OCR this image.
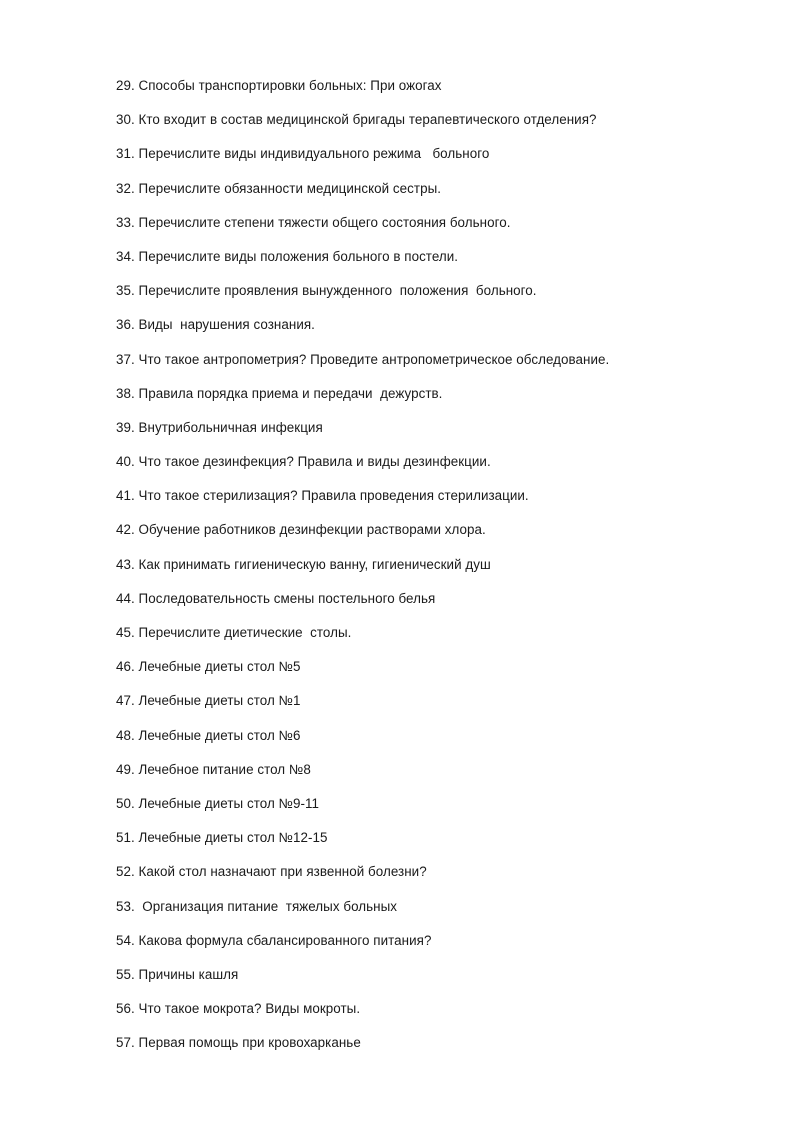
29. Способы транспортировки больных: При ожогах
30. Кто входит в состав медицинской бригады терапевтического отделения?
31. Перечислите виды индивидуального режима   больного
32. Перечислите обязанности медицинской сестры.
33. Перечислите степени тяжести общего состояния больного.
34. Перечислите виды положения больного в постели.
35. Перечислите проявления вынужденного  положения  больного.
36. Виды  нарушения сознания.
37. Что такое антропометрия? Проведите антропометрическое обследование.
38. Правила порядка приема и передачи  дежурств.
39. Внутрибольничная инфекция
40. Что такое дезинфекция? Правила и виды дезинфекции.
41. Что такое стерилизация? Правила проведения стерилизации.
42. Обучение работников дезинфекции растворами хлора.
43. Как принимать гигиеническую ванну, гигиенический душ
44. Последовательность смены постельного белья
45. Перечислите диетические  столы.
46. Лечебные диеты стол №5
47. Лечебные диеты стол №1
48. Лечебные диеты стол №6
49. Лечебное питание стол №8
50. Лечебные диеты стол №9-11
51. Лечебные диеты стол №12-15
52. Какой стол назначают при язвенной болезни?
53.  Организация питание  тяжелых больных
54. Какова формула сбалансированного питания?
55. Причины кашля
56. Что такое мокрота? Виды мокроты.
57. Первая помощь при кровохарканье
